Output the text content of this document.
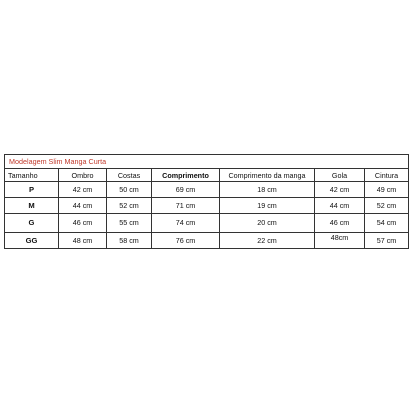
Modelagem Slim Manga Curta						
Tamanho	Ombro	Costas	Comprimento	Comprimento da manga	Gola	Cintura
P	42 cm	50 cm	69 cm	18 cm	42 cm	49 cm
M	44 cm	52 cm	71 cm	19 cm	44 cm	52 cm
G	46 cm	55 cm	74 cm	20 cm	46 cm	54 cm
GG	48 cm	58 cm	76 cm	22 cm	48cm	57 cm
